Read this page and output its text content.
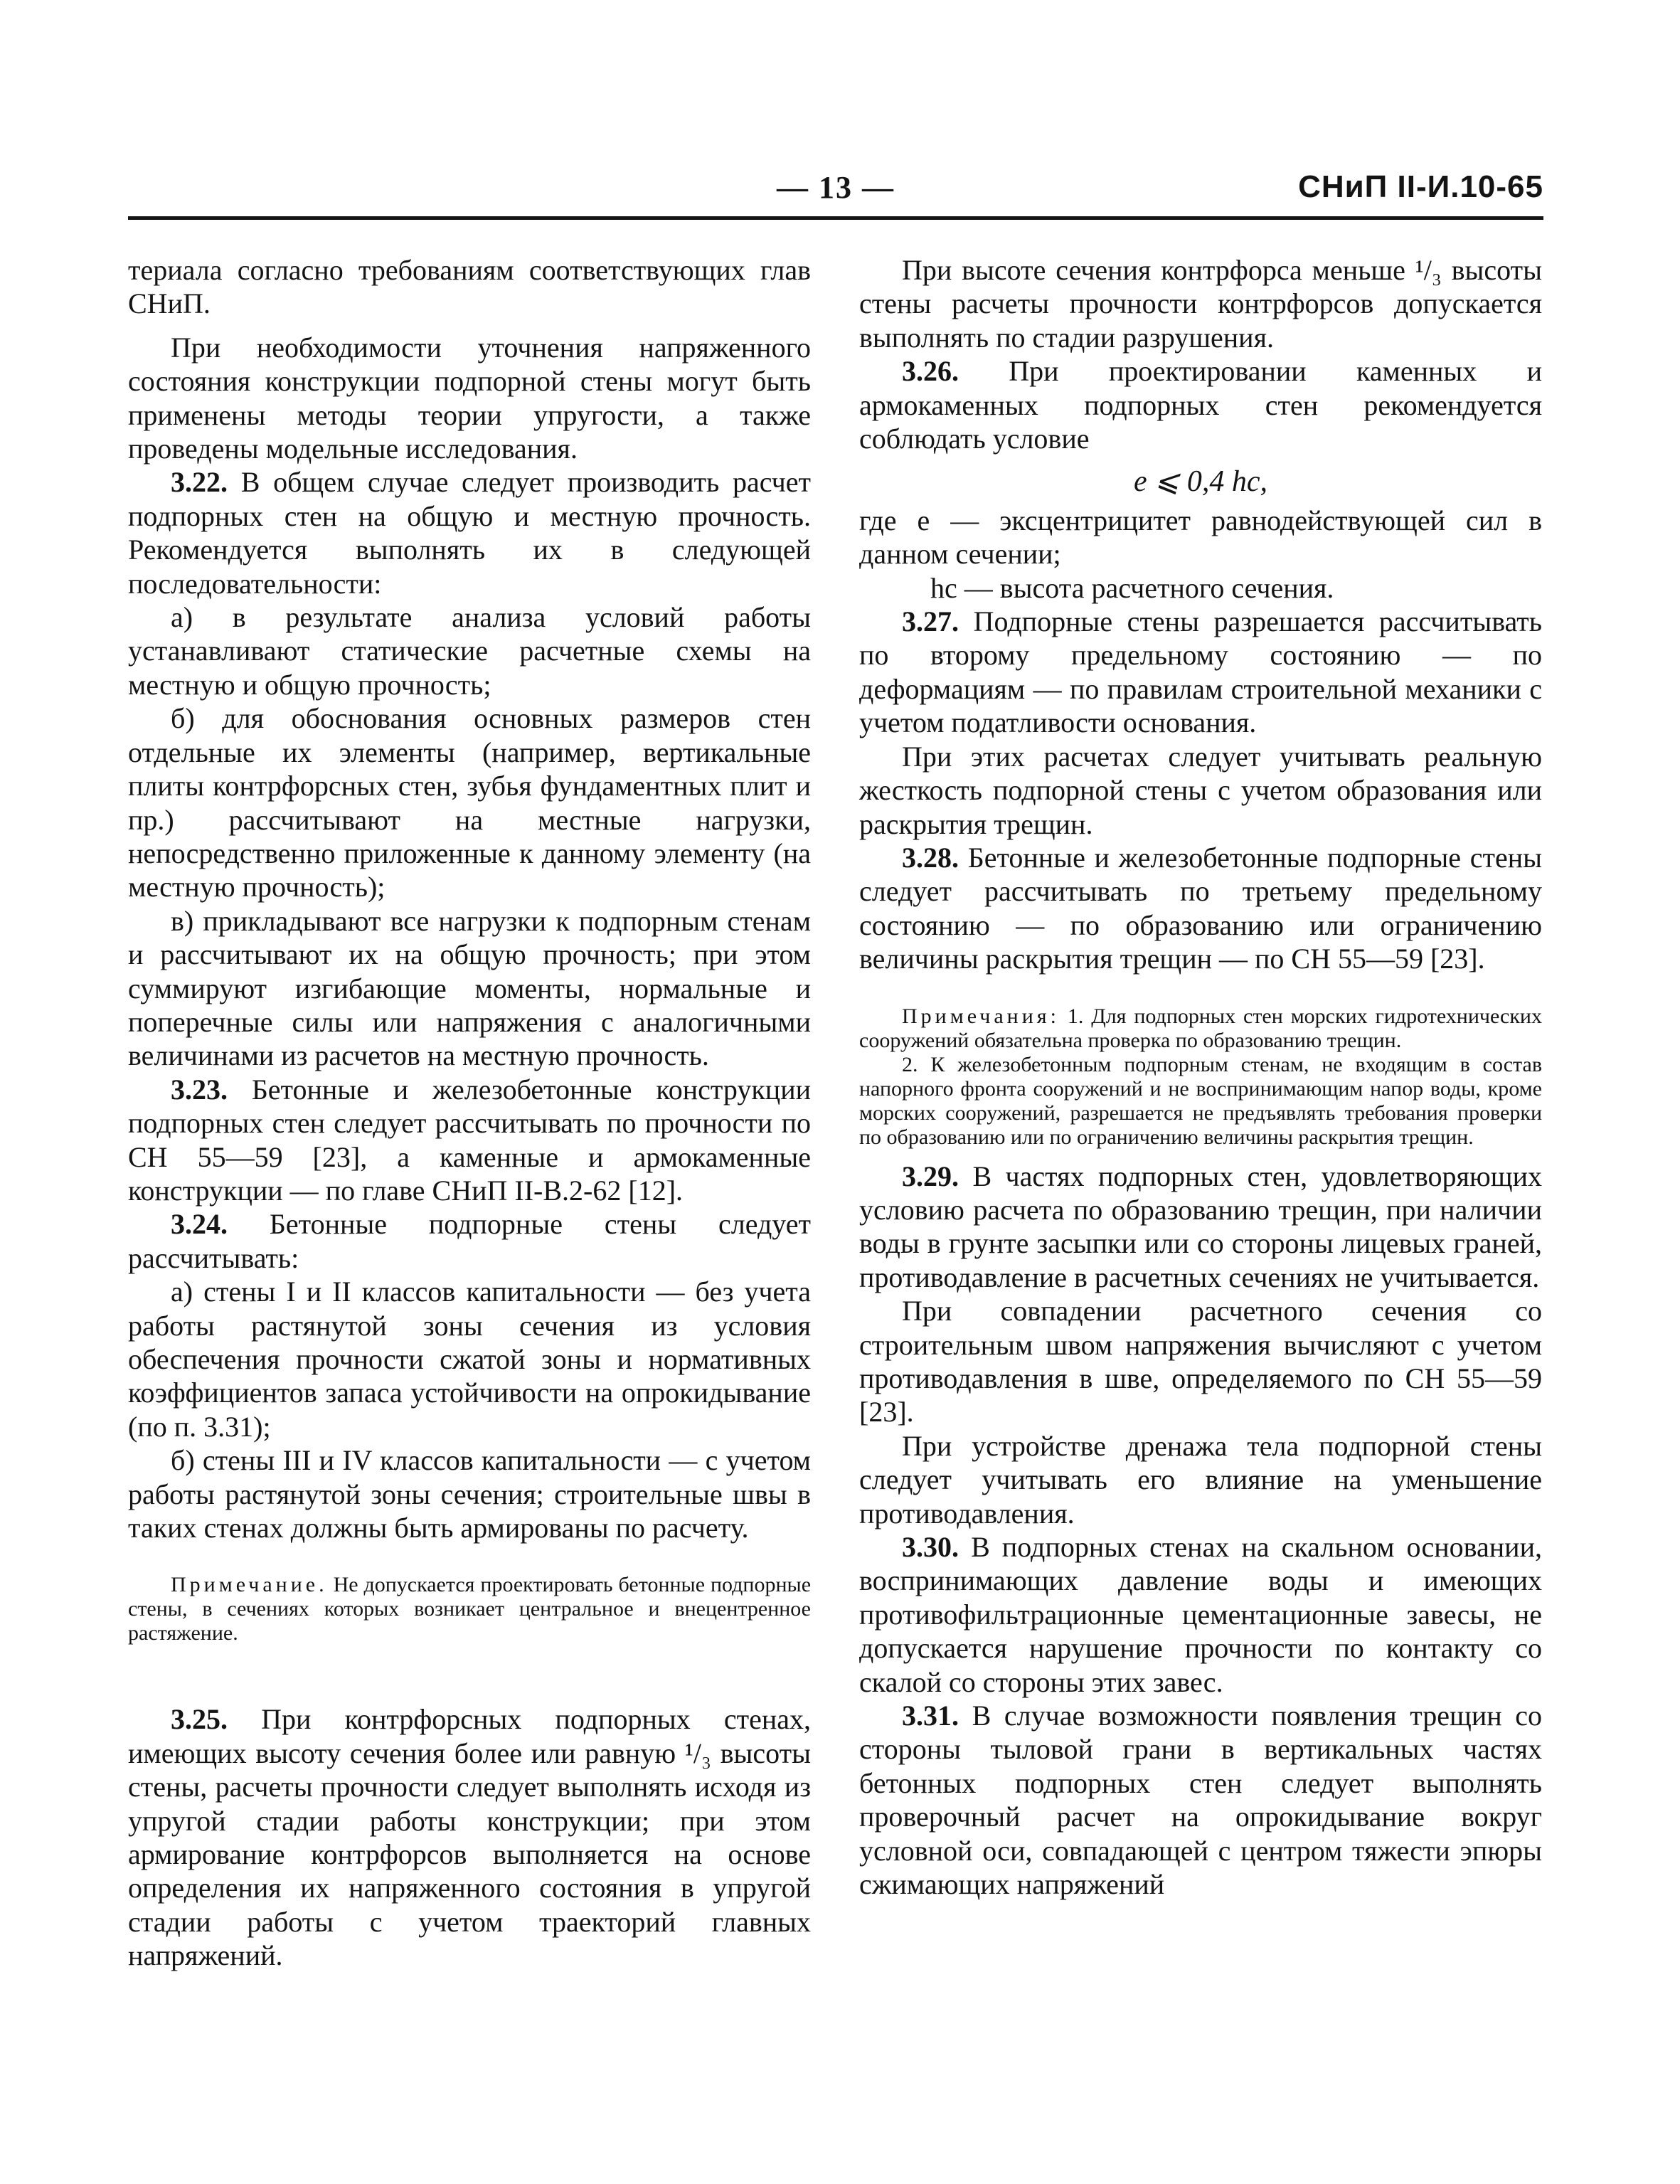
— 13 —	СНиП II-И.10-65

териала согласно требованиям соответствующих глав СНиП.

При необходимости уточнения напряженного состояния конструкции подпорной стены могут быть применены методы теории упругости, а также проведены модельные исследования.

3.22. В общем случае следует производить расчет подпорных стен на общую и местную прочность. Рекомендуется выполнять их в следующей последовательности:

а) в результате анализа условий работы устанавливают статические расчетные схемы на местную и общую прочность;

б) для обоснования основных размеров стен отдельные их элементы (например, вертикальные плиты контрфорсных стен, зубья фундаментных плит и пр.) рассчитывают на местные нагрузки, непосредственно приложенные к данному элементу (на местную прочность);

в) прикладывают все нагрузки к подпорным стенам и рассчитывают их на общую прочность; при этом суммируют изгибающие моменты, нормальные и поперечные силы или напряжения с аналогичными величинами из расчетов на местную прочность.

3.23. Бетонные и железобетонные конструкции подпорных стен следует рассчитывать по прочности по СН 55—59 [23], а каменные и армокаменные конструкции — по главе СНиП II-В.2-62 [12].

3.24. Бетонные подпорные стены следует рассчитывать:

а) стены I и II классов капитальности — без учета работы растянутой зоны сечения из условия обеспечения прочности сжатой зоны и нормативных коэффициентов запаса устойчивости на опрокидывание (по п. 3.31);

б) стены III и IV классов капитальности — с учетом работы растянутой зоны сечения; строительные швы в таких стенах должны быть армированы по расчету.

Примечание. Не допускается проектировать бетонные подпорные стены, в сечениях которых возникает центральное и внецентренное растяжение.

3.25. При контрфорсных подпорных стенах, имеющих высоту сечения более или равную ¹/₃ высоты стены, расчеты прочности следует выполнять исходя из упругой стадии работы конструкции; при этом армирование контрфорсов выполняется на основе определения их напряженного состояния в упругой стадии работы с учетом траекторий главных напряжений.

При высоте сечения контрфорса меньше ¹/₃ высоты стены расчеты прочности контрфорсов допускается выполнять по стадии разрушения.

3.26. При проектировании каменных и армокаменных подпорных стен рекомендуется соблюдать условие

e ⩽ 0,4 hc,

где e — эксцентрицитет равнодействующей сил в данном сечении;

hc — высота расчетного сечения.

3.27. Подпорные стены разрешается рассчитывать по второму предельному состоянию — по деформациям — по правилам строительной механики с учетом податливости основания.

При этих расчетах следует учитывать реальную жесткость подпорной стены с учетом образования или раскрытия трещин.

3.28. Бетонные и железобетонные подпорные стены следует рассчитывать по третьему предельному состоянию — по образованию или ограничению величины раскрытия трещин — по СН 55—59 [23].

Примечания: 1. Для подпорных стен морских гидротехнических сооружений обязательна проверка по образованию трещин.

2. К железобетонным подпорным стенам, не входящим в состав напорного фронта сооружений и не воспринимающим напор воды, кроме морских сооружений, разрешается не предъявлять требования проверки по образованию или по ограничению величины раскрытия трещин.

3.29. В частях подпорных стен, удовлетворяющих условию расчета по образованию трещин, при наличии воды в грунте засыпки или со стороны лицевых граней, противодавление в расчетных сечениях не учитывается.

При совпадении расчетного сечения со строительным швом напряжения вычисляют с учетом противодавления в шве, определяемого по СН 55—59 [23].

При устройстве дренажа тела подпорной стены следует учитывать его влияние на уменьшение противодавления.

3.30. В подпорных стенах на скальном основании, воспринимающих давление воды и имеющих противофильтрационные цементационные завесы, не допускается нарушение прочности по контакту со скалой со стороны этих завес.

3.31. В случае возможности появления трещин со стороны тыловой грани в вертикальных частях бетонных подпорных стен следует выполнять проверочный расчет на опрокидывание вокруг условной оси, совпадающей с центром тяжести эпюры сжимающих напряжений
